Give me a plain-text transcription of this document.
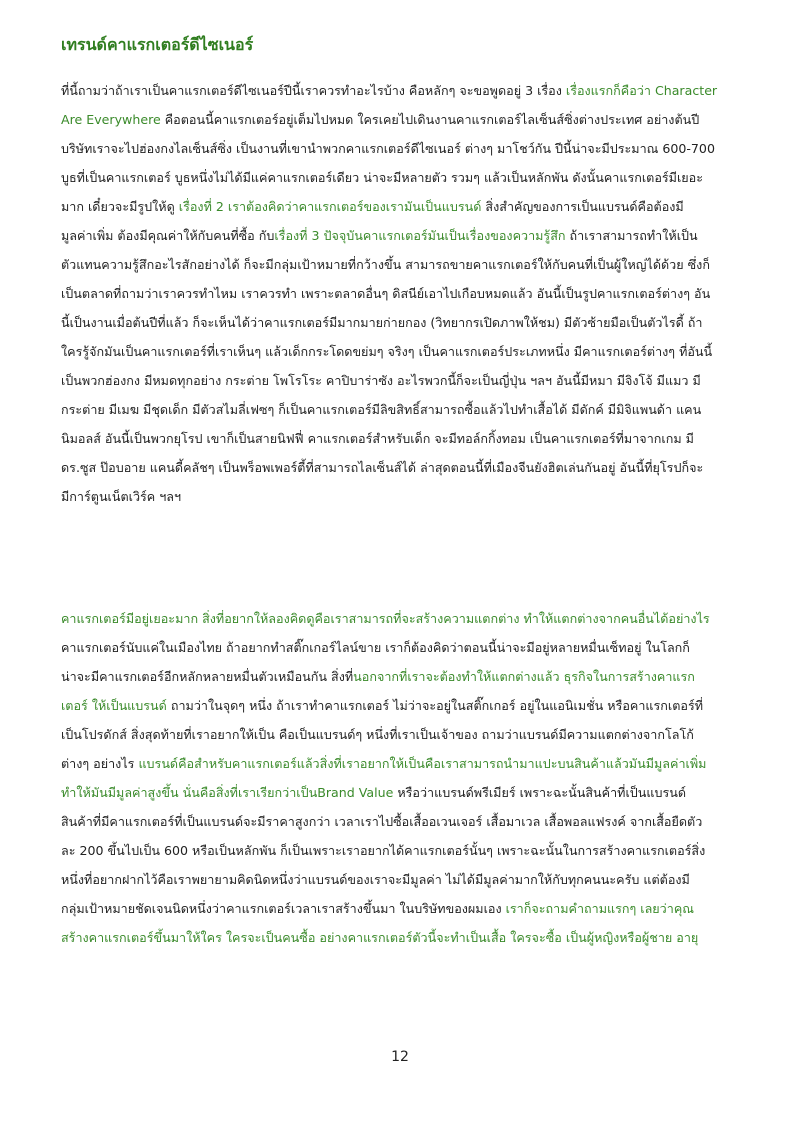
เทรนด์คาแรกเตอร์ดีไซเนอร์
ที่นี้ถามว่าถ้าเราเป็นคาแรกเตอร์ดีไซเนอร์ปีนี้เราควรทำอะไรบ้าง คือหลักๆ จะขอพูดอยู่ 3 เรื่อง เรื่องแรกก็คือว่า Character
Are Everywhere คือตอนนี้คาแรกเตอร์อยู่เต็มไปหมด ใครเคยไปเดินงานคาแรกเตอร์ไลเซ็นส์ซิ่งต่างประเทศ อย่างต้นปี
บริษัทเราจะไปฮ่องกงไลเซ็นส์ซิ่ง เป็นงานที่เขานำพวกคาแรกเตอร์ดีไซเนอร์ ต่างๆ มาโชว์กัน ปีนี้น่าจะมีประมาณ 600-700
บูธที่เป็นคาแรกเตอร์ บูธหนึ่งไม่ได้มีแค่คาแรกเตอร์เดียว น่าจะมีหลายตัว รวมๆ แล้วเป็นหลักพัน ดังนั้นคาแรกเตอร์มีเยอะ
มาก เดี๋ยวจะมีรูปให้ดู เรื่องที่ 2 เราต้องคิดว่าคาแรกเตอร์ของเรามันเป็นแบรนด์ สิ่งสำคัญของการเป็นแบรนด์คือต้องมี
มูลค่าเพิ่ม ต้องมีคุณค่าให้กับคนที่ซื้อ กับเรื่องที่ 3 ปัจจุบันคาแรกเตอร์มันเป็นเรื่องของความรู้สึก ถ้าเราสามารถทำให้เป็น
ตัวแทนความรู้สึกอะไรสักอย่างได้ ก็จะมีกลุ่มเป้าหมายที่กว้างขึ้น สามารถขายคาแรกเตอร์ให้กับคนที่เป็นผู้ใหญ่ได้ด้วย ซึ่งก็
เป็นตลาดที่ถามว่าเราควรทำไหม เราควรทำ เพราะตลาดอื่นๆ ดิสนีย์เอาไปเกือบหมดแล้ว อันนี้เป็นรูปคาแรกเตอร์ต่างๆ อัน
นี้เป็นงานเมื่อต้นปีที่แล้ว ก็จะเห็นได้ว่าคาแรกเตอร์มีมากมายก่ายกอง (วิทยากรเปิดภาพให้ชม) มีตัวซ้ายมือเป็นตัวไรดี้ ถ้า
ใครรู้จักมันเป็นคาแรกเตอร์ที่เราเห็นๆ แล้วเด็กกระโดดขย่มๆ จริงๆ เป็นคาแรกเตอร์ประเภทหนึ่ง มีคาแรกเตอร์ต่างๆ ที่อันนี้
เป็นพวกฮ่องกง มีหมดทุกอย่าง กระต่าย โพโรโระ คาปิบาร่าซัง อะไรพวกนี้ก็จะเป็นญี่ปุ่น ฯลฯ อันนี้มีหมา มีจิงโจ้ มีแมว มี
กระต่าย มีเมฆ มีชุดเด็ก มีตัวสไมลี่เฟซๆ ก็เป็นคาแรกเตอร์มีลิขสิทธิ์สามารถซื้อแล้วไปทำเสื้อได้ มีดักค์ มีมิจิแพนด้า แคน
นิมอลส์ อันนี้เป็นพวกยุโรป เขาก็เป็นสายนิฟฟี่ คาแรกเตอร์สำหรับเด็ก จะมีทอล์กกิ้งทอม เป็นคาแรกเตอร์ที่มาจากเกม มี
ดร.ซูส ป๊อบอาย แคนดี้คลัชๆ เป็นพร็อพเพอร์ตี้ที่สามารถไลเซ็นส์ได้ ล่าสุดตอนนี้ที่เมืองจีนยังฮิตเล่นกันอยู่ อันนี้ที่ยุโรปก็จะ
มีการ์ตูนเน็ตเวิร์ค ฯลฯ
คาแรกเตอร์มีอยู่เยอะมาก สิ่งที่อยากให้ลองคิดดูคือเราสามารถที่จะสร้างความแตกต่าง ทำให้แตกต่างจากคนอื่นได้อย่างไร
คาแรกเตอร์นับแค่ในเมืองไทย ถ้าอยากทำสติ๊กเกอร์ไลน์ขาย เราก็ต้องคิดว่าตอนนี้น่าจะมีอยู่หลายหมื่นเซ็ทอยู่ ในโลกก็
น่าจะมีคาแรกเตอร์อีกหลักหลายหมื่นตัวเหมือนกัน สิ่งที่นอกจากที่เราจะต้องทำให้แตกต่างแล้ว ธุรกิจในการสร้างคาแรก
เตอร์ ให้เป็นแบรนด์ ถามว่าในจุดๆ หนึ่ง ถ้าเราทำคาแรกเตอร์ ไม่ว่าจะอยู่ในสติ๊กเกอร์ อยู่ในแอนิเมชั่น หรือคาแรกเตอร์ที่
เป็นโปรดักส์ สิ่งสุดท้ายที่เราอยากให้เป็น คือเป็นแบรนด์ๆ หนึ่งที่เราเป็นเจ้าของ ถามว่าแบรนด์มีความแตกต่างจากโลโก้
ต่างๆ อย่างไร แบรนด์คือสำหรับคาแรกเตอร์แล้วสิ่งที่เราอยากให้เป็นคือเราสามารถนำมาแปะบนสินค้าแล้วมันมีมูลค่าเพิ่ม
ทำให้มันมีมูลค่าสูงขึ้น นั่นคือสิ่งที่เราเรียกว่าเป็นBrand Value หรือว่าแบรนด์พรีเมียร์ เพราะฉะนั้นสินค้าที่เป็นแบรนด์
สินค้าที่มีคาแรกเตอร์ที่เป็นแบรนด์จะมีราคาสูงกว่า เวลาเราไปซื้อเสื้ออเวนเจอร์ เสื้อมาเวล เสื้อพอลแฟรงค์ จากเสื้อยืดตัว
ละ 200 ขึ้นไปเป็น 600 หรือเป็นหลักพัน ก็เป็นเพราะเราอยากได้คาแรกเตอร์นั้นๆ เพราะฉะนั้นในการสร้างคาแรกเตอร์สิ่ง
หนึ่งที่อยากฝากไว้คือเราพยายามคิดนิดหนึ่งว่าแบรนด์ของเราจะมีมูลค่า ไม่ได้มีมูลค่ามากให้กับทุกคนนะครับ แต่ต้องมี
กลุ่มเป้าหมายชัดเจนนิดหนึ่งว่าคาแรกเตอร์เวลาเราสร้างขึ้นมา ในบริษัทของผมเอง เราก็จะถามคำถามแรกๆ เลยว่าคุณ
สร้างคาแรกเตอร์ขึ้นมาให้ใคร ใครจะเป็นคนซื้อ อย่างคาแรกเตอร์ตัวนี้จะทำเป็นเสื้อ ใครจะซื้อ เป็นผู้หญิงหรือผู้ชาย อายุ
12
